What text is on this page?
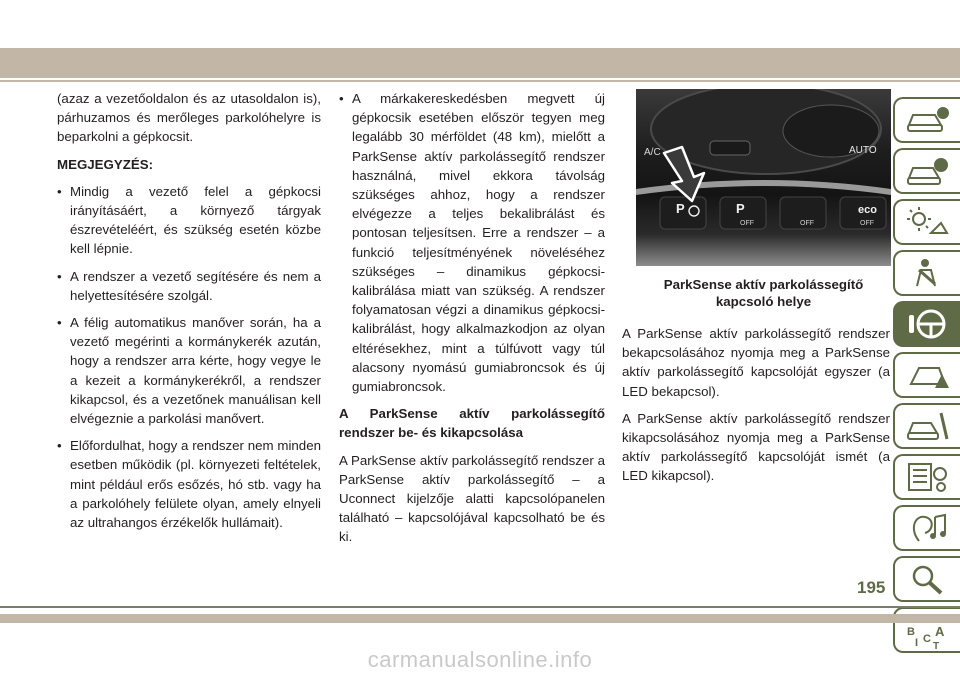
(azaz a vezetőoldalon és az utasoldalon is), párhuzamos és merőleges parkolóhelyre is beparkolni a gépkocsit.

MEGJEGYZÉS:

• Mindig a vezető felel a gépkocsi irányításáért, a környező tárgyak észrevételéért, és szükség esetén közbe kell lépnie.

• A rendszer a vezető segítésére és nem a helyettesítésére szolgál.

• A félig automatikus manőver során, ha a vezető megérinti a kormánykerék azután, hogy a rendszer arra kérte, hogy vegye le a kezeit a kormánykerékről, a rendszer kikapcsol, és a vezetőnek manuálisan kell elvégeznie a parkolási manővert.

• Előfordulhat, hogy a rendszer nem minden esetben működik (pl. környezeti feltételek, mint például erős esőzés, hó stb. vagy ha a parkolóhely felülete olyan, amely elnyeli az ultrahangos érzékelők hullámait).

• A márkakereskedésben megvett új gépkocsik esetében először tegyen meg legalább 30 mérföldet (48 km), mielőtt a ParkSense aktív parkolássegítő rendszer használná, mivel ekkora távolság szükséges ahhoz, hogy a rendszer elvégezze a teljes bekalibrálást és pontosan teljesítsen. Erre a rendszer – a funkció teljesítményének növeléséhez szükséges – dinamikus gépkocsi-kalibrálása miatt van szükség. A rendszer folyamatosan végzi a dinamikus gépkocsi-kalibrálást, hogy alkalmazkodjon az olyan eltérésekhez, mint a túlfúvott vagy túl alacsony nyomású gumiabroncsok és új gumiabroncsok.

A ParkSense aktív parkolássegítő rendszer be- és kikapcsolása

A ParkSense aktív parkolássegítő rendszer a ParkSense aktív parkolássegítő – a Uconnect kijelzője alatti kapcsolópanelen található – kapcsolójával kapcsolható be és ki.

AUTO
A/C
P	P
OFF	OFF
eco
OFF
ParkSense aktív parkolássegítő
kapcsoló helye

A ParkSense aktív parkolássegítő rendszer bekapcsolásához nyomja meg a ParkSense aktív parkolássegítő kapcsolóját egyszer (a LED bekapcsol).

A ParkSense aktív parkolássegítő rendszer kikapcsolásához nyomja meg a ParkSense aktív parkolássegítő kapcsolóját ismét (a LED kikapcsol).

B A
I C
T
195
carmanualsonline.info
